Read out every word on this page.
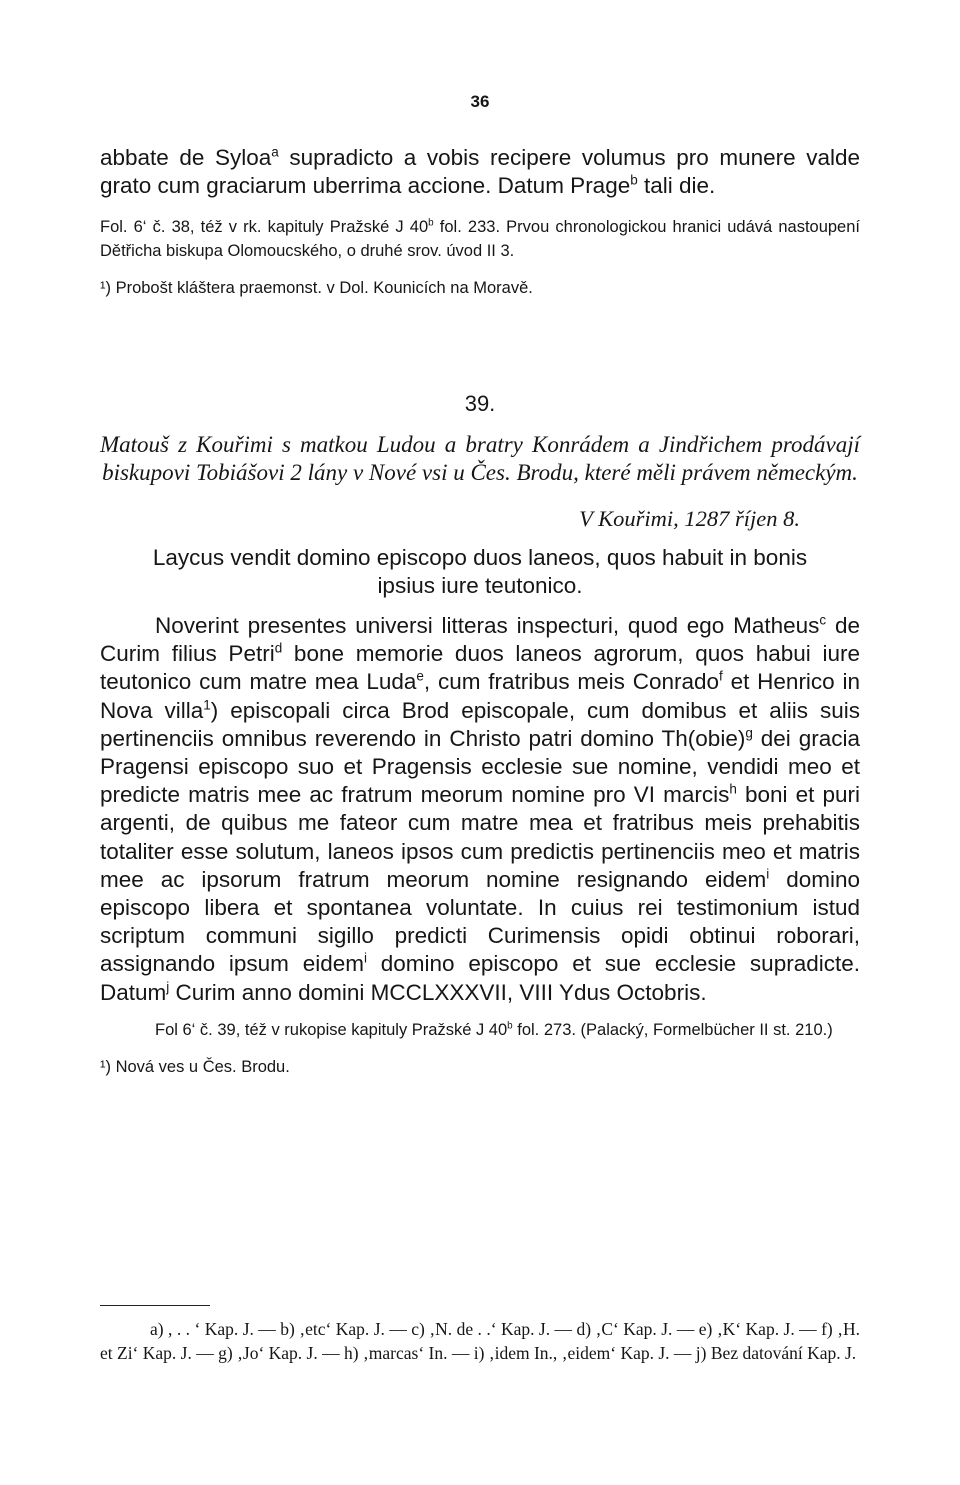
36

abbate de Syloa$^a$ supradicto a vobis recipere volumus pro munere valde grato cum graciarum uberrima accione. Datum Prage$^b$ tali die.

Fol. 6‘ č. 38, též v rk. kapituly Pražské J 40$^b$ fol. 233. Prvou chronologickou hranici udává nastoupení Dětřicha biskupa Olomoucského, o druhé srov. úvod II 3.

¹) Probošt kláštera praemonst. v Dol. Kounicích na Moravě.

39.

Matouš z Kouřimi s matkou Ludou a bratry Konrádem a Jindřichem prodávají biskupovi Tobiášovi 2 lány v Nové vsi u Čes. Brodu, které měli právem německým.

V Kouřimi, 1287 říjen 8.

Laycus vendit domino episcopo duos laneos, quos habuit in bonis ipsius iure teutonico.

Noverint presentes universi litteras inspecturi, quod ego Matheus$^c$ de Curim filius Petri$^d$ bone memorie duos laneos agrorum, quos habui iure teutonico cum matre mea Luda$^e$, cum fratribus meis Conrado$^f$ et Henrico in Nova villa$^1$) episcopali circa Brod episcopale, cum domibus et aliis suis pertinenciis omnibus reverendo in Christo patri domino Th(obie)$^g$ dei gracia Pragensi episcopo suo et Pragensis ecclesie sue nomine, vendidi meo et predicte matris mee ac fratrum meorum nomine pro VI marcis$^h$ boni et puri argenti, de quibus me fateor cum matre mea et fratribus meis prehabitis totaliter esse solutum, laneos ipsos cum predictis pertinenciis meo et matris mee ac ipsorum fratrum meorum nomine resignando eidem$^i$ domino episcopo libera et spontanea voluntate. In cuius rei testimonium istud scriptum communi sigillo predicti Curimensis opidi obtinui roborari, assignando ipsum eidem$^i$ domino episcopo et sue ecclesie supradicte. Datum$^j$ Curim anno domini MCCLXXXVII, VIII Ydus Octobris.

Fol 6‘ č. 39, též v rukopise kapituly Pražské J 40$^b$ fol. 273. (Palacký, Formelbücher II st. 210.)

¹) Nová ves u Čes. Brodu.

a) , . . ‘ Kap. J. — b) ‚etc‘ Kap. J. — c) ‚N. de . .‘ Kap. J. — d) ‚C‘ Kap. J. — e) ‚K‘ Kap. J. — f) ‚H. et Zi‘ Kap. J. — g) ‚Jo‘ Kap. J. — h) ‚marcas‘ In. — i) ‚idem In., ‚eidem‘ Kap. J. — j) Bez datování Kap. J.
